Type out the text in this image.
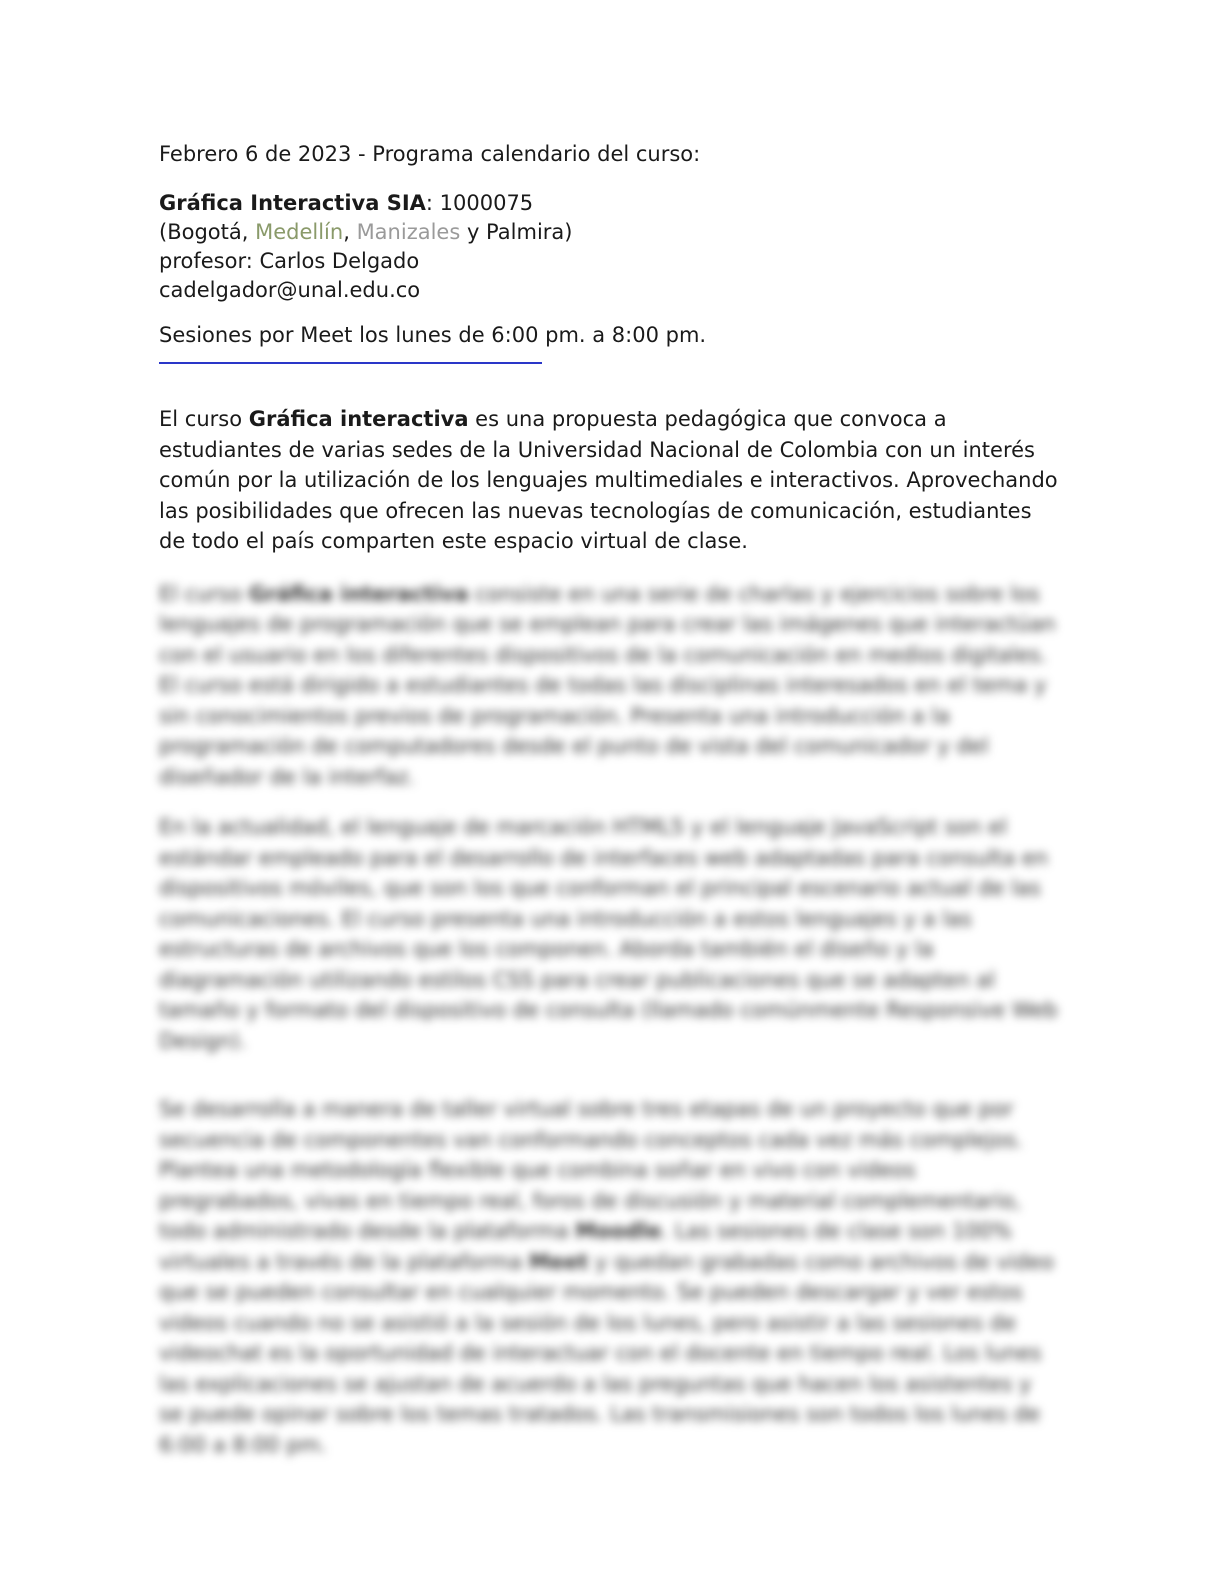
Febrero 6 de 2023 - Programa calendario del curso:

Gráfica Interactiva SIA: 1000075
(Bogotá, Medellín, Manizales y Palmira)
profesor: Carlos Delgado
cadelgador@unal.edu.co

Sesiones por Meet los lunes de 6:00 pm. a 8:00 pm.

El curso Gráfica interactiva es una propuesta pedagógica que convoca a estudiantes de varias sedes de la Universidad Nacional de Colombia con un interés común por la utilización de los lenguajes multimediales e interactivos. Aprovechando las posibilidades que ofrecen las nuevas tecnologías de comunicación, estudiantes de todo el país comparten este espacio virtual de clase.

El curso Gráfica interactiva consiste en una serie de charlas y ejercicios sobre los lenguajes de programación que se emplean para crear las imágenes que interactúan con el usuario en los diferentes dispositivos de la comunicación en medios digitales. El curso está dirigido a estudiantes de todas las disciplinas interesados en el tema y sin conocimientos previos de programación. Presenta una introducción a la programación de computadores desde el punto de vista del comunicador y del diseñador de la interfaz.

En la actualidad, el lenguaje de marcación HTML5 y el lenguaje JavaScript son el estándar empleado para el desarrollo de interfaces web adaptadas para consulta en dispositivos móviles, que son los que conforman el principal escenario actual de las comunicaciones. El curso presenta una introducción a estos lenguajes y a las estructuras de archivos que los componen. Aborda también el diseño y la diagramación utilizando estilos CSS para crear publicaciones que se adapten al tamaño y formato del dispositivo de consulta (llamado comúnmente Responsive Web Design).

Se desarrolla a manera de taller virtual sobre tres etapas de un proyecto que por secuencia de componentes van conformando conceptos cada vez más complejos. Plantea una metodología flexible que combina soñar en vivo con videos pregrabados, vivas en tiempo real, foros de discusión y material complementario, todo administrado desde la plataforma Moodle. Las sesiones de clase son 100% virtuales a través de la plataforma Meet y quedan grabadas como archivos de video que se pueden consultar en cualquier momento. Se pueden descargar y ver estos videos cuando no se asistió a la sesión de los lunes, pero asistir a las sesiones de videochat es la oportunidad de interactuar con el docente en tiempo real. Los lunes las explicaciones se ajustan de acuerdo a las preguntas que hacen los asistentes y se puede opinar sobre los temas tratados. Las transmisiones son todos los lunes de 6:00 a 8:00 pm.
